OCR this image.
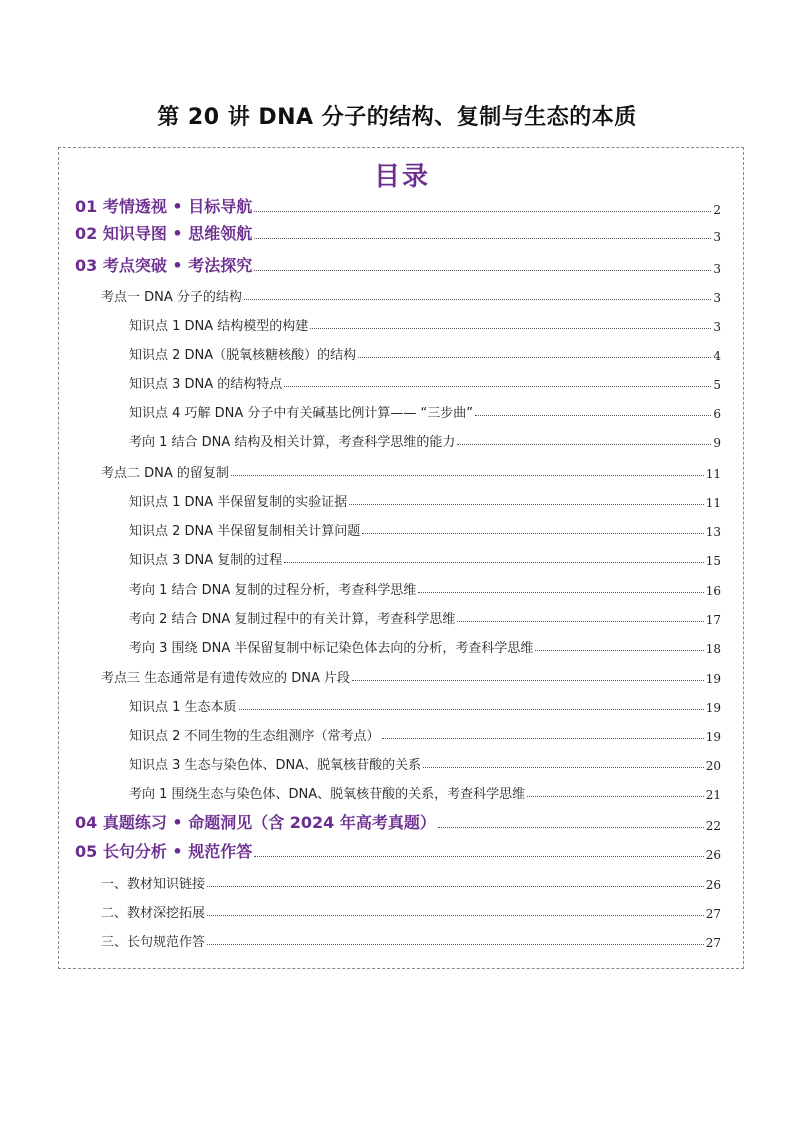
第 20 讲 DNA 分子的结构、复制与生态的本质
目录
01 考情透视 • 目标导航	2
02 知识导图 • 思维领航	3
03 考点突破 • 考法探究	3
考点一 DNA 分子的结构	3
知识点 1 DNA 结构模型的构建	3
知识点 2 DNA（脱氧核糖核酸）的结构	4
知识点 3 DNA 的结构特点	5
知识点 4 巧解 DNA 分子中有关碱基比例计算—— “三步曲”	6
考向 1 结合 DNA 结构及相关计算，考查科学思维的能力	9
考点二 DNA 的留复制	11
知识点 1 DNA 半保留复制的实验证据	11
知识点 2 DNA 半保留复制相关计算问题	13
知识点 3 DNA 复制的过程	15
考向 1 结合 DNA 复制的过程分析，考查科学思维	16
考向 2 结合 DNA 复制过程中的有关计算，考查科学思维	17
考向 3 围绕 DNA 半保留复制中标记染色体去向的分析，考查科学思维	18
考点三 生态通常是有遗传效应的 DNA 片段	19
知识点 1 生态本质	19
知识点 2 不同生物的生态组测序（常考点）	19
知识点 3 生态与染色体、DNA、脱氧核苷酸的关系	20
考向 1 围绕生态与染色体、DNA、脱氧核苷酸的关系，考查科学思维	21
04 真题练习 • 命题洞见（含 2024 年高考真题）	22
05 长句分析 • 规范作答	26
一、教材知识链接	26
二、教材深挖拓展	27
三、长句规范作答	27
